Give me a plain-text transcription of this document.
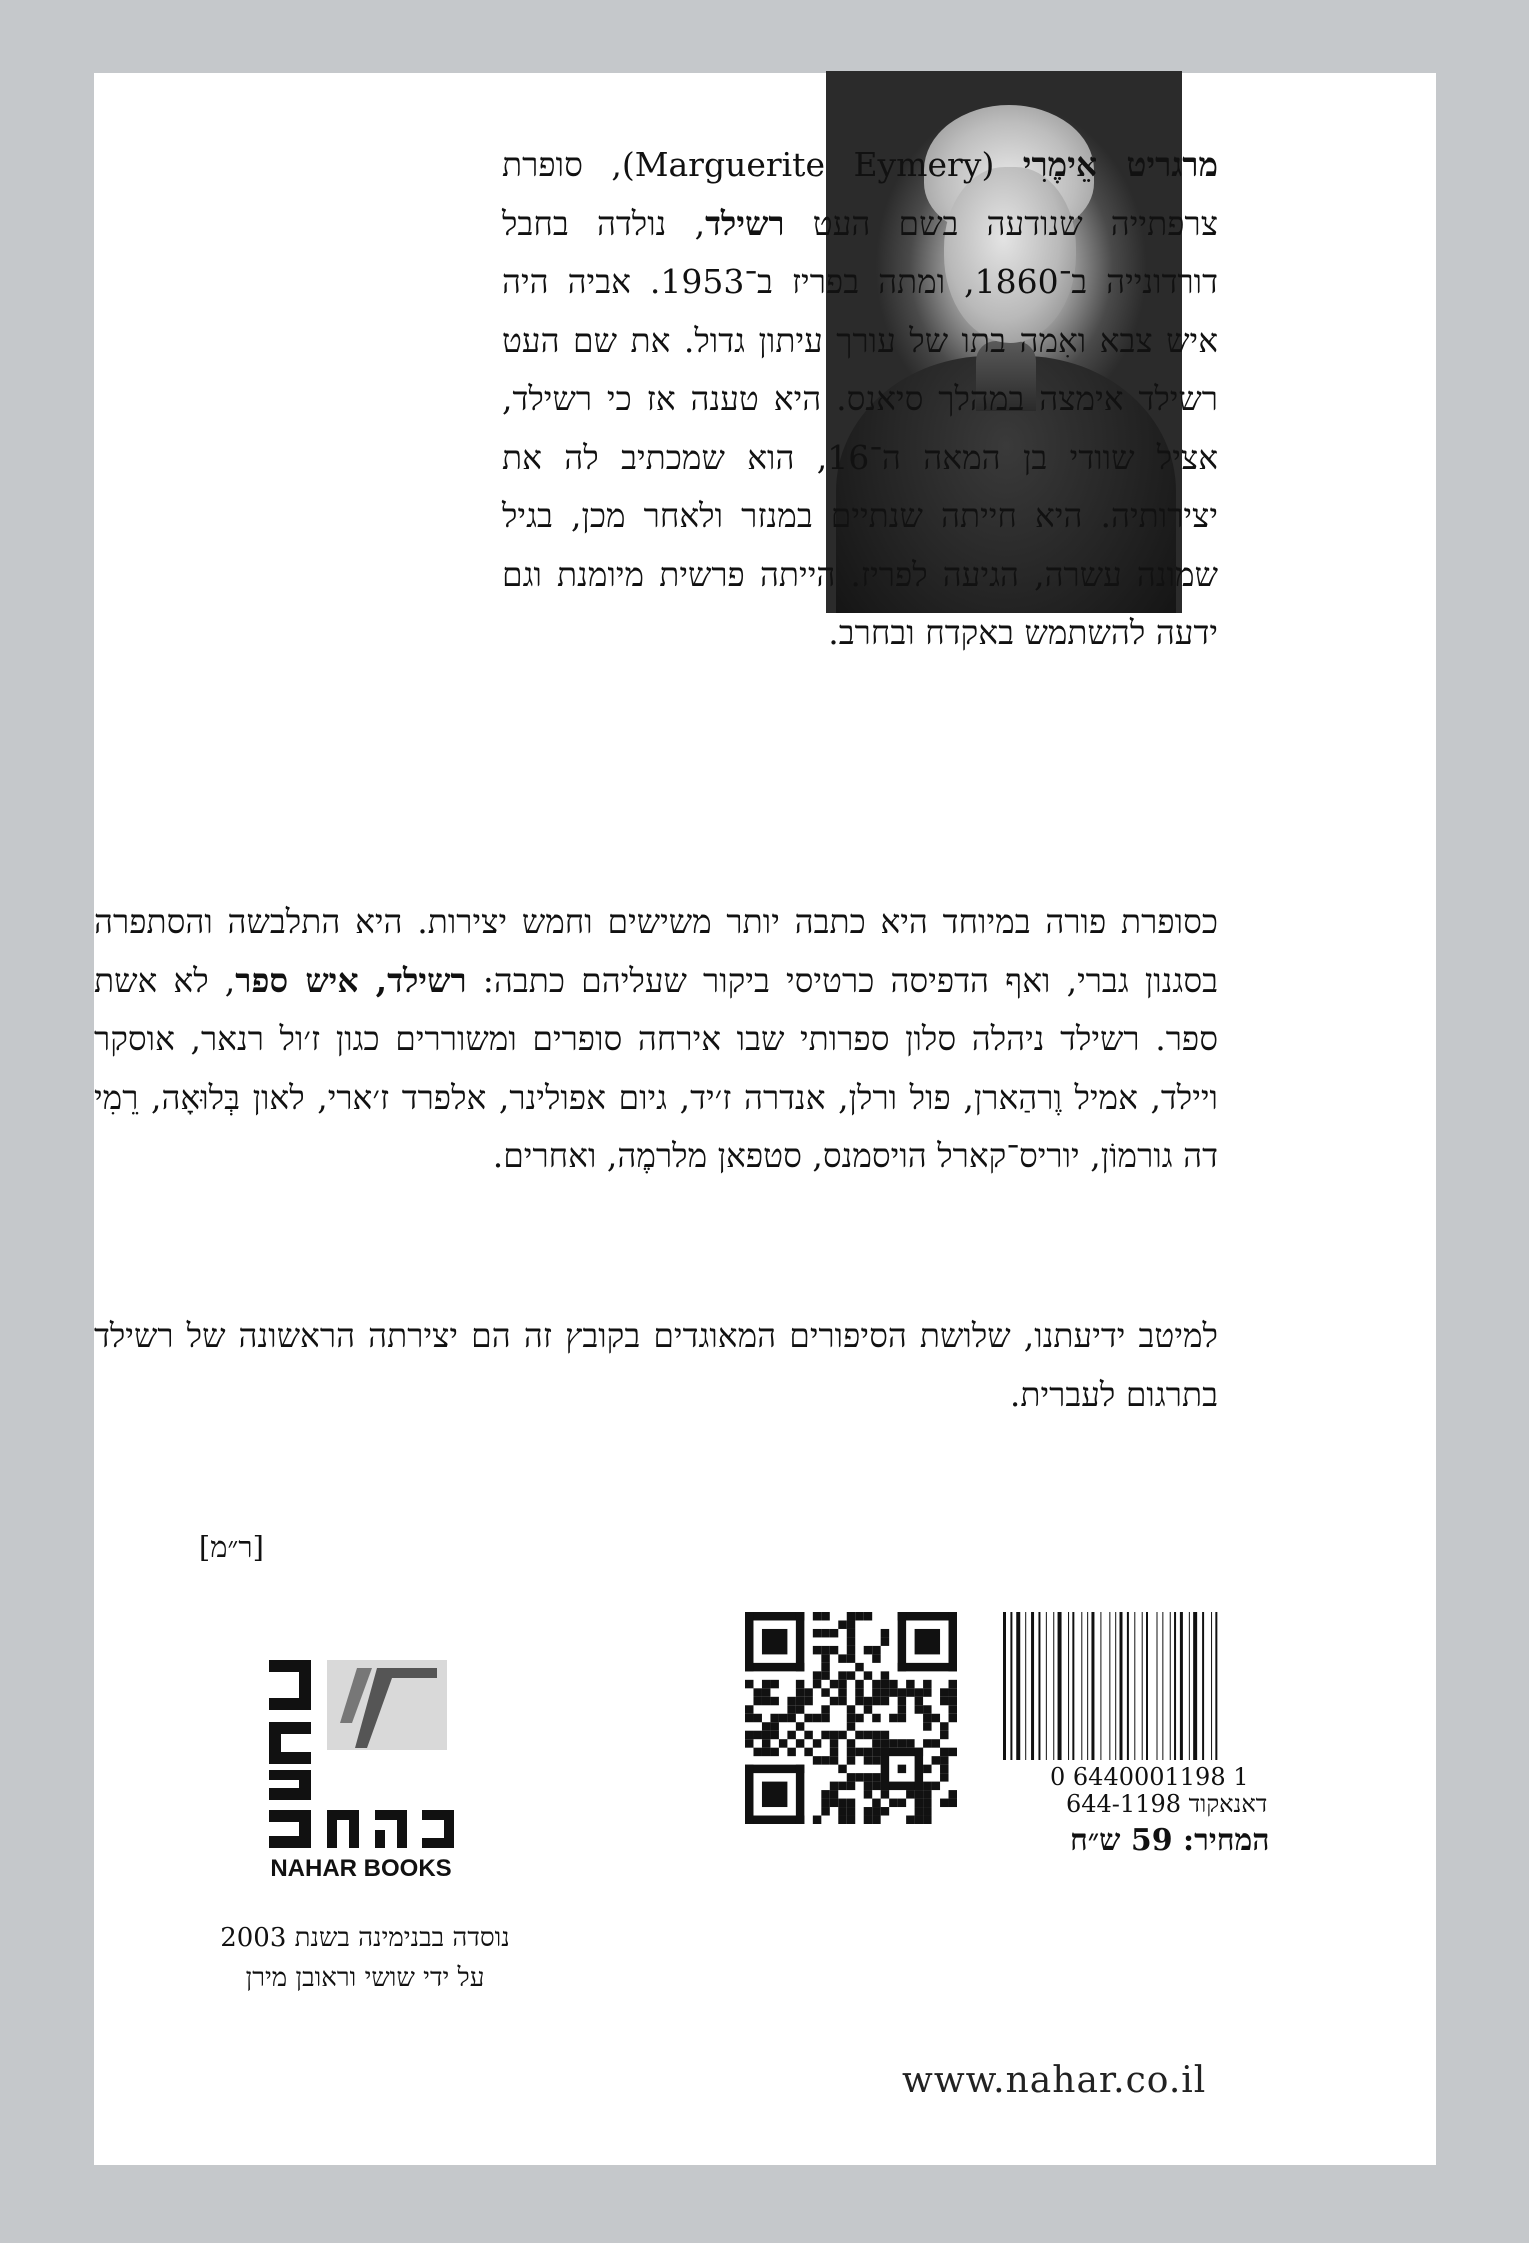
מרגריט אֵימֶרִי (Marguerite Eymery), סופרת צרפתייה שנודעה בשם העט רשילד, נולדה בחבל דורדונייה ב־1860, ומתה בפריז ב־1953. אביה היה איש צבא ואִמה בתו של עורך עיתון גדול. את שם העט רשילד אימצה במהלך סיאנס. היא טענה אז כי רשילד, אציל שוודי בן המאה ה־16, הוא שמכתיב לה את יצירותיה. היא חייתה שנתיים במנזר ולאחר מכן, בגיל שמונה עשרה, הגיעה לפריז. הייתה פרשית מיומנת וגם ידעה להשתמש באקדח ובחרב.
כסופרת פורה במיוחד היא כתבה יותר משישים וחמש יצירות. היא התלבשה והסתפרה בסגנון גברי, ואף הדפיסה כרטיסי ביקור שעליהם כתבה: רשילד, איש ספר, לא אשת ספר. רשילד ניהלה סלון ספרותי שבו אירחה סופרים ומשוררים כגון ז׳ול רנאר, אוסקר ויילד, אמיל וֶרהַארן, פול ורלן, אנדרה ז׳יד, גיום אפולינר, אלפרד ז׳ארי, לאון בְּלוּאָה, רֵמִי דה גורמוֹן, יוריס־קארל הויסמנס, סטפאן מלרמֶה, ואחרים.
למיטב ידיעתנו, שלושת הסיפורים המאוגדים בקובץ זה הם יצירתה הראשונה של רשילד בתרגום לעברית.
[ר״מ]
0 6440001198 1
דאנאקוד 644-1198
המחיר: 59 ש״ח
NAHAR BOOKS
נוסדה בבנימינה בשנת 2003
על ידי שושי וראובן מירן
www.nahar.co.il
